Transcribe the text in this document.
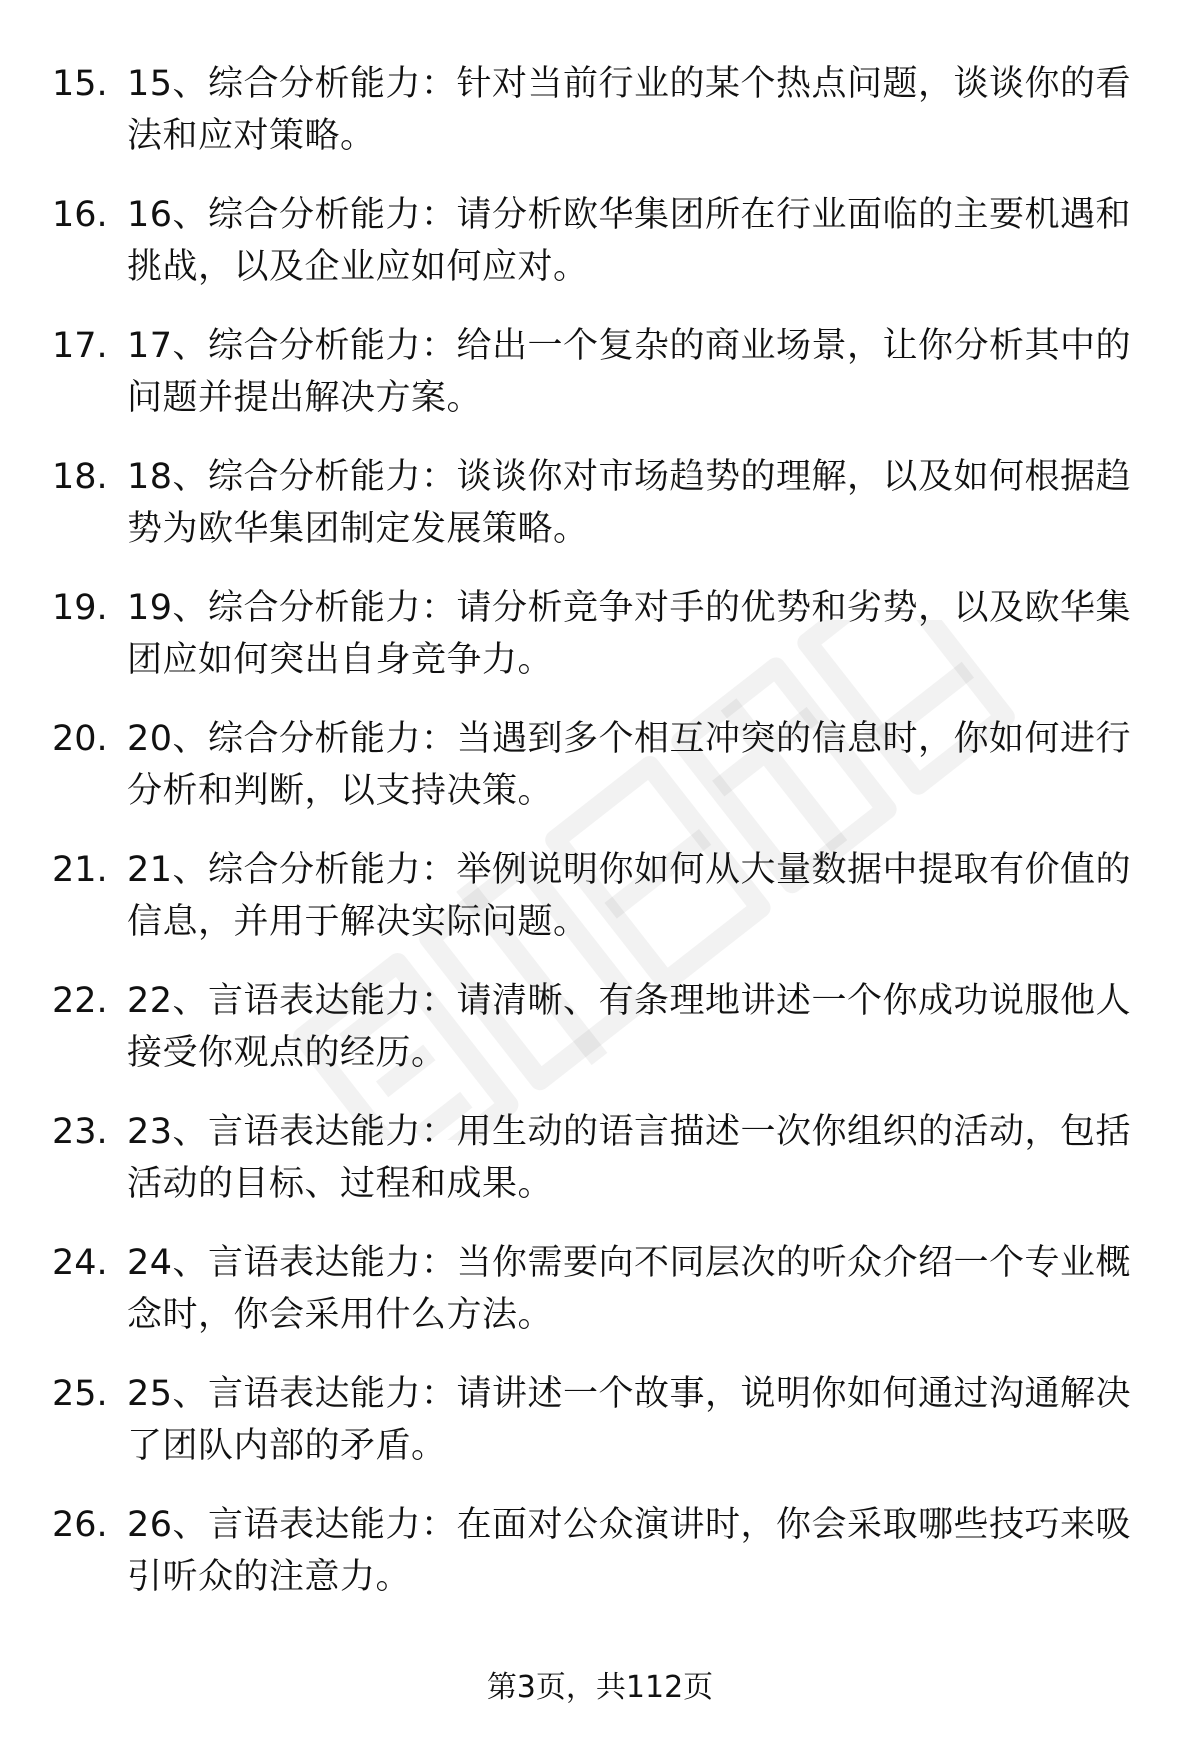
15. 15、综合分析能力：针对当前行业的某个热点问题，谈谈你的看法和应对策略。
16. 16、综合分析能力：请分析欧华集团所在行业面临的主要机遇和挑战，以及企业应如何应对。
17. 17、综合分析能力：给出一个复杂的商业场景，让你分析其中的问题并提出解决方案。
18. 18、综合分析能力：谈谈你对市场趋势的理解，以及如何根据趋势为欧华集团制定发展策略。
19. 19、综合分析能力：请分析竞争对手的优势和劣势，以及欧华集团应如何突出自身竞争力。
20. 20、综合分析能力：当遇到多个相互冲突的信息时，你如何进行分析和判断，以支持决策。
21. 21、综合分析能力：举例说明你如何从大量数据中提取有价值的信息，并用于解决实际问题。
22. 22、言语表达能力：请清晰、有条理地讲述一个你成功说服他人接受你观点的经历。
23. 23、言语表达能力：用生动的语言描述一次你组织的活动，包括活动的目标、过程和成果。
24. 24、言语表达能力：当你需要向不同层次的听众介绍一个专业概念时，你会采用什么方法。
25. 25、言语表达能力：请讲述一个故事，说明你如何通过沟通解决了团队内部的矛盾。
26. 26、言语表达能力：在面对公众演讲时，你会采取哪些技巧来吸引听众的注意力。
第3页，共112页
